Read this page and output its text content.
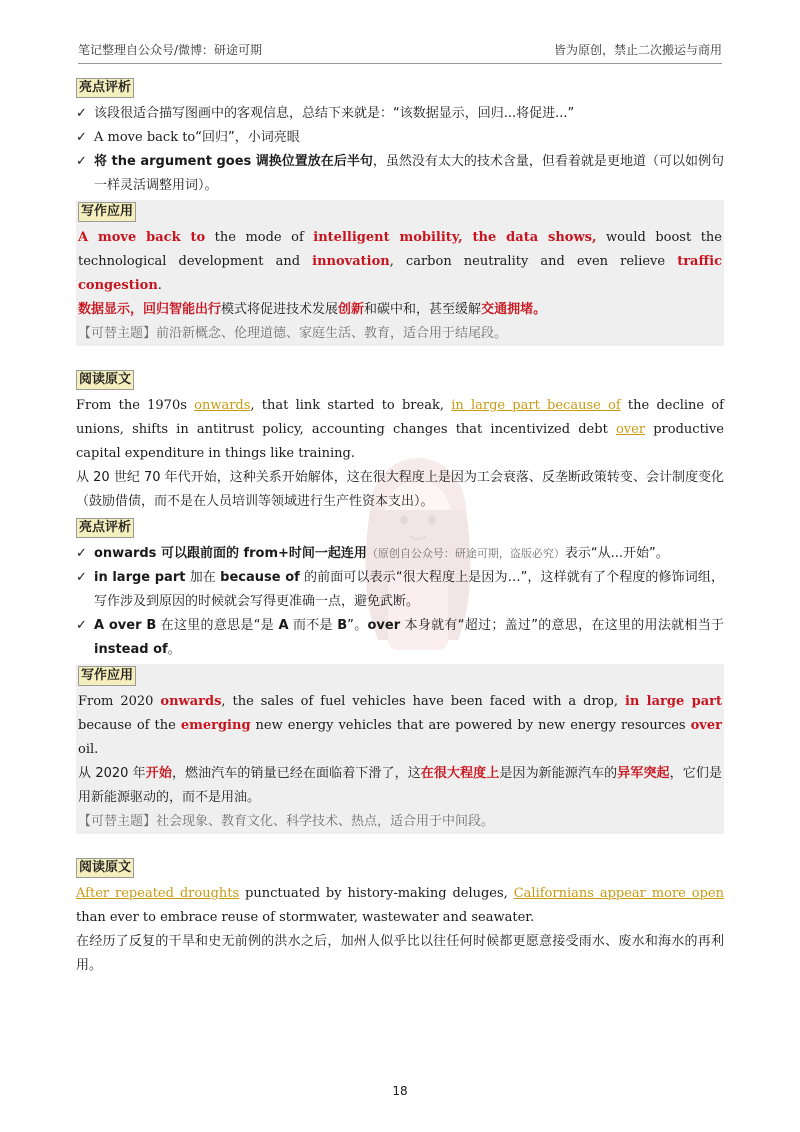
笔记整理自公众号/微博：研途可期	皆为原创，禁止二次搬运与商用
亮点评析
✓ 该段很适合描写图画中的客观信息，总结下来就是：“该数据显示，回归...将促进...”
✓ A move back to“回归”，小词亮眼
✓ 将 the argument goes 调换位置放在后半句，虽然没有太大的技术含量，但看着就是更地道（可以如例句一样灵活调整用词）。
写作应用
A move back to the mode of intelligent mobility, the data shows, would boost the technological development and innovation, carbon neutrality and even relieve traffic congestion.
数据显示，回归智能出行模式将促进技术发展创新和碳中和，甚至缓解交通拥堵。
【可替主题】前沿新概念、伦理道德、家庭生活、教育，适合用于结尾段。
阅读原文
From the 1970s onwards, that link started to break, in large part because of the decline of unions, shifts in antitrust policy, accounting changes that incentivized debt over productive capital expenditure in things like training.
从 20 世纪 70 年代开始，这种关系开始解体，这在很大程度上是因为工会衰落、反垄断政策转变、会计制度变化（鼓励借债，而不是在人员培训等领域进行生产性资本支出）。
亮点评析
✓ onwards 可以跟前面的 from+时间一起连用（原创自公众号：研途可期，盗版必究）表示“从...开始”。
✓ in large part 加在 because of 的前面可以表示“很大程度上是因为…”，这样就有了个程度的修饰词组，写作涉及到原因的时候就会写得更准确一点，避免武断。
✓ A over B 在这里的意思是“是 A 而不是 B”。over 本身就有“超过；盖过”的意思，在这里的用法就相当于 instead of。
写作应用
From 2020 onwards, the sales of fuel vehicles have been faced with a drop, in large part because of the emerging new energy vehicles that are powered by new energy resources over oil.
从 2020 年开始，燃油汽车的销量已经在面临着下滑了，这在很大程度上是因为新能源汽车的异军突起，它们是用新能源驱动的，而不是用油。
【可替主题】社会现象、教育文化、科学技术、热点，适合用于中间段。
阅读原文
After repeated droughts punctuated by history-making deluges, Californians appear more open than ever to embrace reuse of stormwater, wastewater and seawater.
在经历了反复的干旱和史无前例的洪水之后，加州人似乎比以往任何时候都更愿意接受雨水、废水和海水的再利用。
18
